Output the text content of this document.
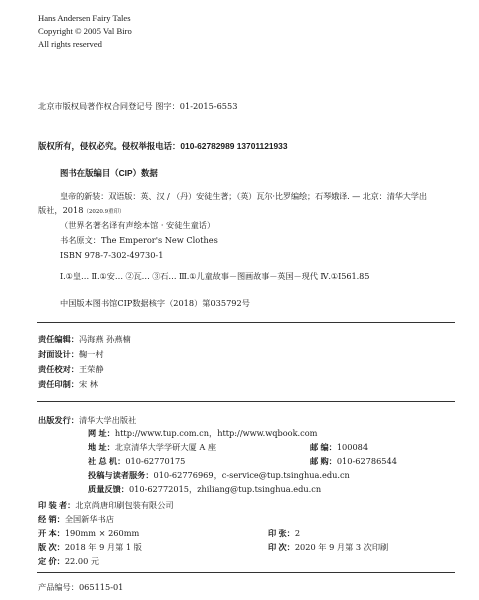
Hans Andersen Fairy Tales
Copyright © 2005 Val Biro
All rights reserved
北京市版权局著作权合同登记号 图字：01-2015-6553
版权所有，侵权必究。侵权举报电话：010-62782989 13701121933
图书在版编目（CIP）数据
皇帝的新装：双语版：英、汉 / （丹）安徒生著；（英）瓦尔·比罗编绘；石琴娥译. — 北京：清华大学出
版社，2018（2020.9重印）
（世界名著名译有声绘本馆 · 安徒生童话）
书名原文：The Emperor's New Clothes
ISBN 978-7-302-49730-1
Ⅰ.①皇… Ⅱ.①安… ②瓦… ③石… Ⅲ.①儿童故事－图画故事－英国－现代 Ⅳ.①I561.85
中国版本图书馆CIP数据核字（2018）第035792号
责任编辑：冯海燕 孙燕楠
封面设计：鞠一村
责任校对：王荣静
责任印制：宋 林
出版发行：清华大学出版社
网 址：http://www.tup.com.cn，http://www.wqbook.com
地 址：北京清华大学学研大厦 A 座	邮 编：100084
社 总 机：010-62770175	邮 购：010-62786544
投稿与读者服务：010-62776969，c-service@tup.tsinghua.edu.cn
质量反馈：010-62772015，zhiliang@tup.tsinghua.edu.cn
印 装 者：北京尚唐印刷包装有限公司
经 销：全国新华书店
开 本：190mm × 260mm	印 张：2
版 次：2018 年 9 月第 1 版	印 次：2020 年 9 月第 3 次印刷
定 价：22.00 元
产品编号：065115-01
